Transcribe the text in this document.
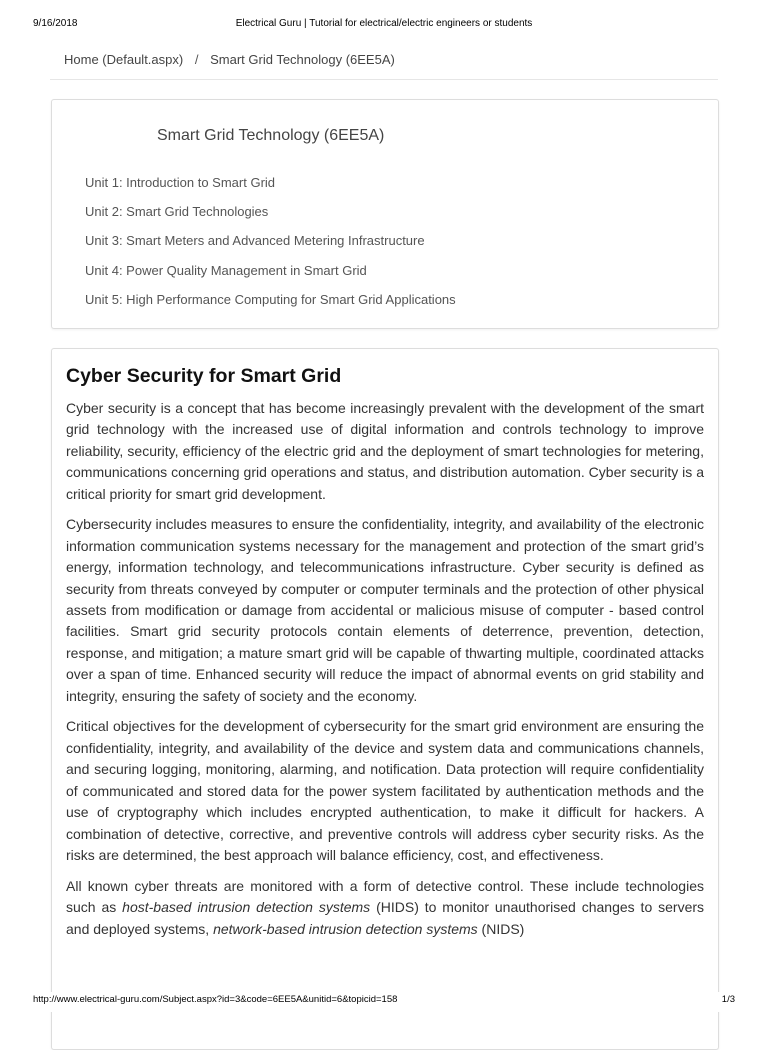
9/16/2018	Electrical Guru | Tutorial for electrical/electric engineers or students
Home (Default.aspx) / Smart Grid Technology (6EE5A)
Smart Grid Technology (6EE5A)
Unit 1: Introduction to Smart Grid
Unit 2: Smart Grid Technologies
Unit 3: Smart Meters and Advanced Metering Infrastructure
Unit 4: Power Quality Management in Smart Grid
Unit 5: High Performance Computing for Smart Grid Applications
Cyber Security for Smart Grid

Cyber security is a concept that has become increasingly prevalent with the development of the smart grid technology with the increased use of digital information and controls technology to improve reliability, security, efficiency of the electric grid and the deployment of smart technologies for metering, communications concerning grid operations and status, and distribution automation. Cyber security is a critical priority for smart grid development.

Cybersecurity includes measures to ensure the confidentiality, integrity, and availability of the electronic information communication systems necessary for the management and protection of the smart grid’s energy, information technology, and telecommunications infrastructure. Cyber security is defined as security from threats conveyed by computer or computer terminals and the protection of other physical assets from modification or damage from accidental or malicious misuse of computer - based control facilities. Smart grid security protocols contain elements of deterrence, prevention, detection, response, and mitigation; a mature smart grid will be capable of thwarting multiple, coordinated attacks over a span of time. Enhanced security will reduce the impact of abnormal events on grid stability and integrity, ensuring the safety of society and the economy.

Critical objectives for the development of cybersecurity for the smart grid environment are ensuring the confidentiality, integrity, and availability of the device and system data and communications channels, and securing logging, monitoring, alarming, and notification. Data protection will require confidentiality of communicated and stored data for the power system facilitated by authentication methods and the use of cryptography which includes encrypted authentication, to make it difficult for hackers. A combination of detective, corrective, and preventive controls will address cyber security risks. As the risks are determined, the best approach will balance efficiency, cost, and effectiveness.

All known cyber threats are monitored with a form of detective control. These include technologies such as host-based intrusion detection systems (HIDS) to monitor unauthorised changes to servers and deployed systems, network-based intrusion detection systems (NIDS)

http://www.electrical-guru.com/Subject.aspx?id=3&code=6EE5A&unitid=6&topicid=158	1/3
